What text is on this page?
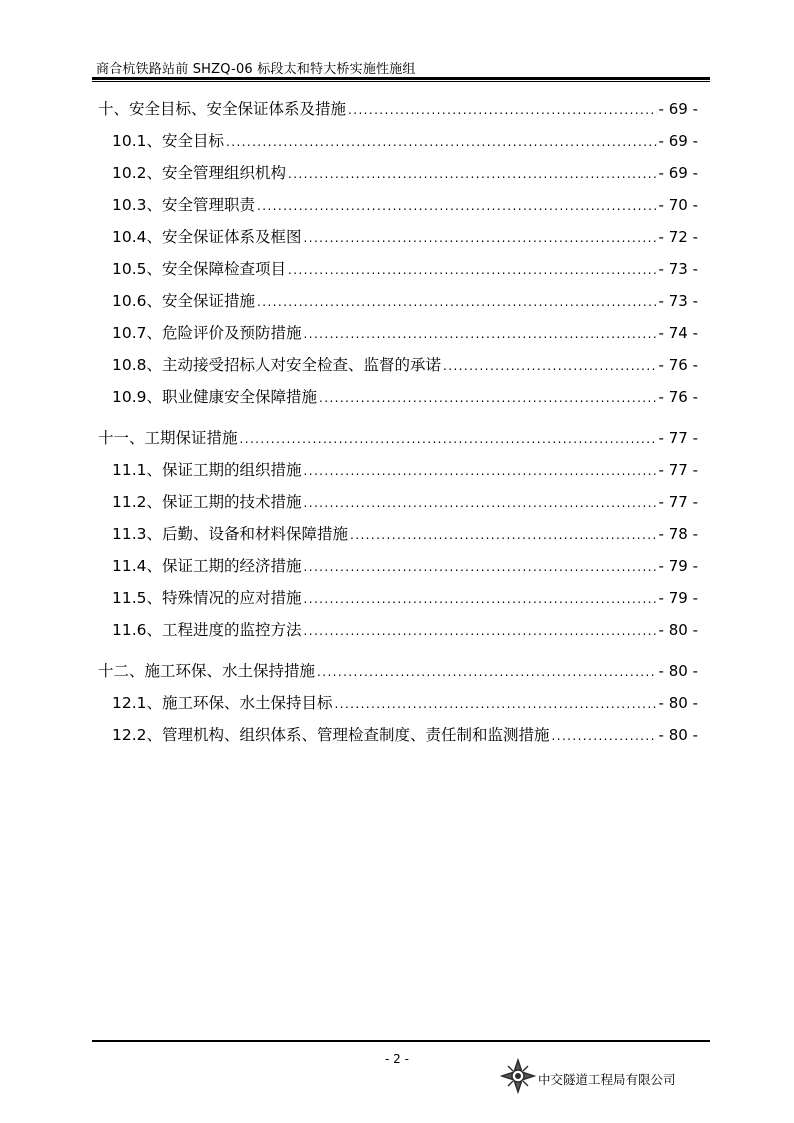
商合杭铁路站前 SHZQ-06 标段太和特大桥实施性施组
十、安全目标、安全保证体系及措施 .....	- 69 -
10.1、安全目标 .....	- 69 -
10.2、安全管理组织机构 .....	- 69 -
10.3、安全管理职责 .....	- 70 -
10.4、安全保证体系及框图 .....	- 72 -
10.5、安全保障检查项目 .....	- 73 -
10.6、安全保证措施 .....	- 73 -
10.7、危险评价及预防措施 .....	- 74 -
10.8、主动接受招标人对安全检查、监督的承诺 .....	- 76 -
10.9、职业健康安全保障措施 .....	- 76 -
十一、工期保证措施 .....	- 77 -
11.1、保证工期的组织措施 .....	- 77 -
11.2、保证工期的技术措施 .....	- 77 -
11.3、后勤、设备和材料保障措施 .....	- 78 -
11.4、保证工期的经济措施 .....	- 79 -
11.5、特殊情况的应对措施 .....	- 79 -
11.6、工程进度的监控方法 .....	- 80 -
十二、施工环保、水土保持措施 .....	- 80 -
12.1、施工环保、水土保持目标 .....	- 80 -
12.2、管理机构、组织体系、管理检查制度、责任制和监测措施 .....	- 80 -
- 2 -
中交隧道工程局有限公司
